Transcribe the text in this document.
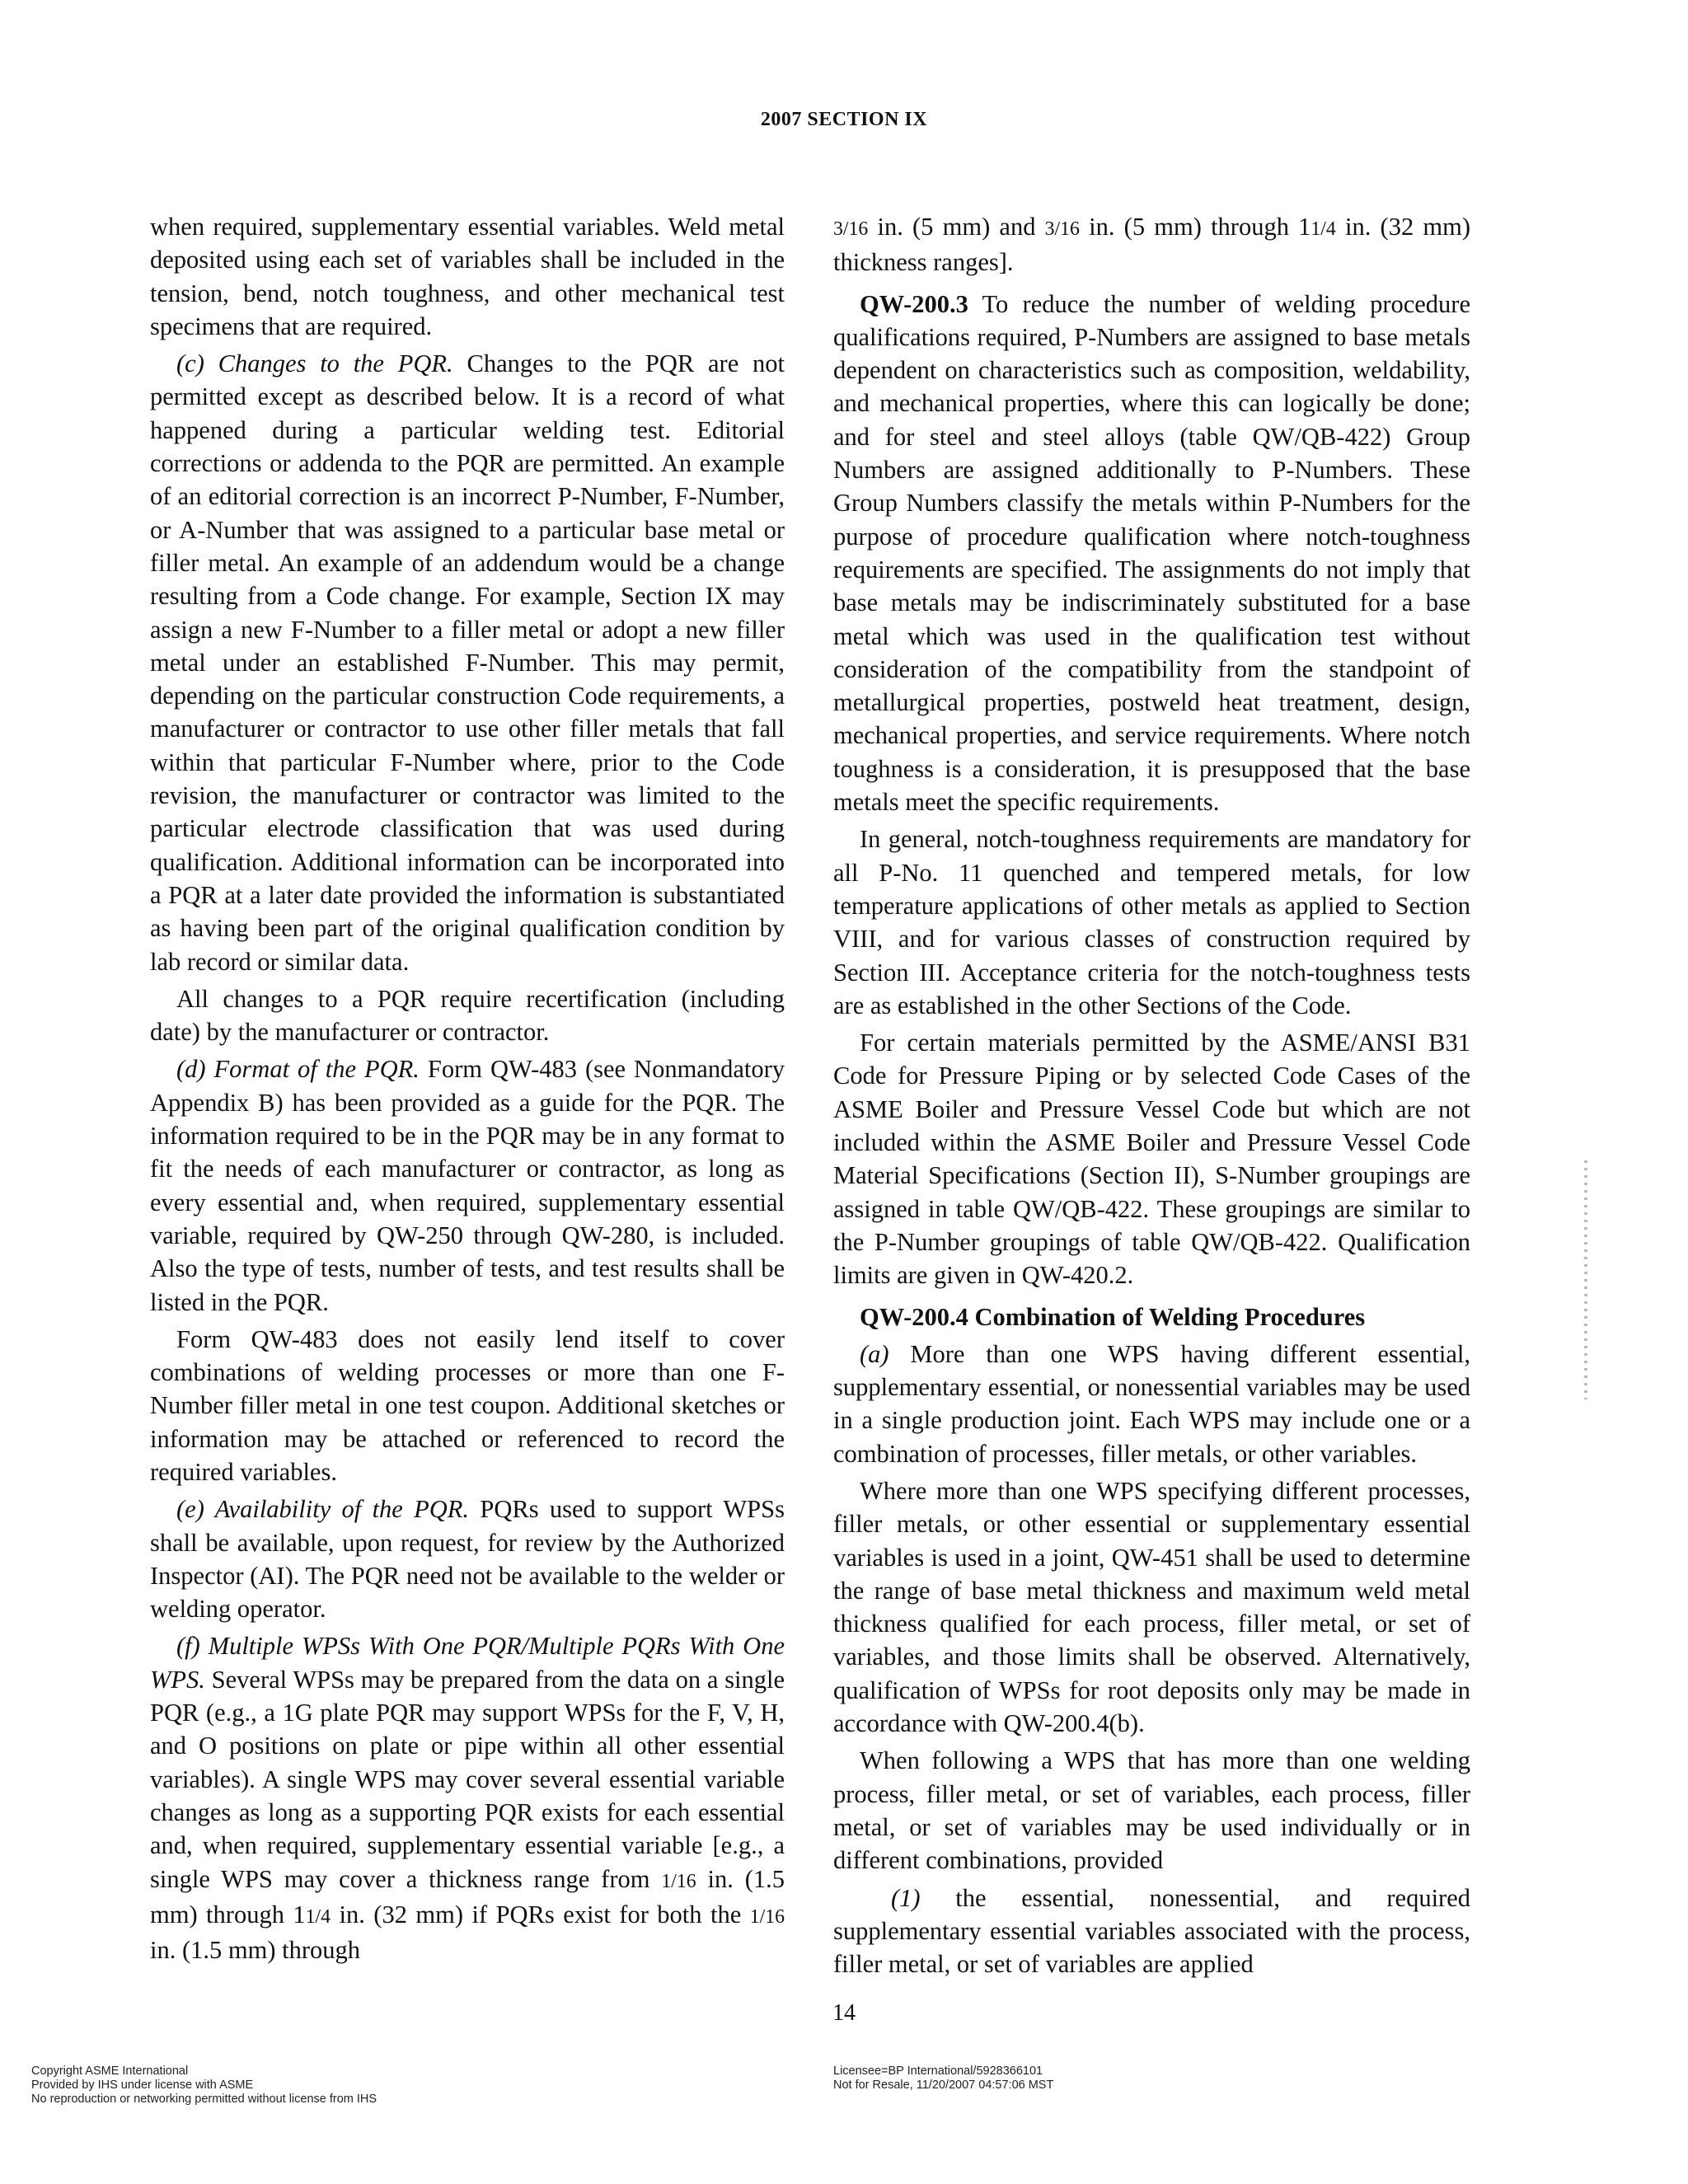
2007 SECTION IX

when required, supplementary essential variables. Weld metal deposited using each set of variables shall be included in the tension, bend, notch toughness, and other mechanical test specimens that are required.

(c) Changes to the PQR. Changes to the PQR are not permitted except as described below. It is a record of what happened during a particular welding test. Editorial corrections or addenda to the PQR are permitted. An example of an editorial correction is an incorrect P-Number, F-Number, or A-Number that was assigned to a particular base metal or filler metal. An example of an addendum would be a change resulting from a Code change. For example, Section IX may assign a new F-Number to a filler metal or adopt a new filler metal under an established F-Number. This may permit, depending on the particular construction Code requirements, a manufacturer or contractor to use other filler metals that fall within that particular F-Number where, prior to the Code revision, the manufacturer or contractor was limited to the particular electrode classification that was used during qualification. Additional information can be incorporated into a PQR at a later date provided the information is substantiated as having been part of the original qualification condition by lab record or similar data.

All changes to a PQR require recertification (including date) by the manufacturer or contractor.

(d) Format of the PQR. Form QW-483 (see Nonmandatory Appendix B) has been provided as a guide for the PQR. The information required to be in the PQR may be in any format to fit the needs of each manufacturer or contractor, as long as every essential and, when required, supplementary essential variable, required by QW-250 through QW-280, is included. Also the type of tests, number of tests, and test results shall be listed in the PQR.

Form QW-483 does not easily lend itself to cover combinations of welding processes or more than one F-Number filler metal in one test coupon. Additional sketches or information may be attached or referenced to record the required variables.

(e) Availability of the PQR. PQRs used to support WPSs shall be available, upon request, for review by the Authorized Inspector (AI). The PQR need not be available to the welder or welding operator.

(f) Multiple WPSs With One PQR/Multiple PQRs With One WPS. Several WPSs may be prepared from the data on a single PQR (e.g., a 1G plate PQR may support WPSs for the F, V, H, and O positions on plate or pipe within all other essential variables). A single WPS may cover several essential variable changes as long as a supporting PQR exists for each essential and, when required, supplementary essential variable [e.g., a single WPS may cover a thickness range from 1/16 in. (1.5 mm) through 11/4 in. (32 mm) if PQRs exist for both the 1/16 in. (1.5 mm) through

3/16 in. (5 mm) and 3/16 in. (5 mm) through 11/4 in. (32 mm) thickness ranges].

QW-200.3 To reduce the number of welding procedure qualifications required, P-Numbers are assigned to base metals dependent on characteristics such as composition, weldability, and mechanical properties, where this can logically be done; and for steel and steel alloys (table QW/QB-422) Group Numbers are assigned additionally to P-Numbers. These Group Numbers classify the metals within P-Numbers for the purpose of procedure qualification where notch-toughness requirements are specified. The assignments do not imply that base metals may be indiscriminately substituted for a base metal which was used in the qualification test without consideration of the compatibility from the standpoint of metallurgical properties, postweld heat treatment, design, mechanical properties, and service requirements. Where notch toughness is a consideration, it is presupposed that the base metals meet the specific requirements.

In general, notch-toughness requirements are mandatory for all P-No. 11 quenched and tempered metals, for low temperature applications of other metals as applied to Section VIII, and for various classes of construction required by Section III. Acceptance criteria for the notch-toughness tests are as established in the other Sections of the Code.

For certain materials permitted by the ASME/ANSI B31 Code for Pressure Piping or by selected Code Cases of the ASME Boiler and Pressure Vessel Code but which are not included within the ASME Boiler and Pressure Vessel Code Material Specifications (Section II), S-Number groupings are assigned in table QW/QB-422. These groupings are similar to the P-Number groupings of table QW/QB-422. Qualification limits are given in QW-420.2.

QW-200.4 Combination of Welding Procedures

(a) More than one WPS having different essential, supplementary essential, or nonessential variables may be used in a single production joint. Each WPS may include one or a combination of processes, filler metals, or other variables.

Where more than one WPS specifying different processes, filler metals, or other essential or supplementary essential variables is used in a joint, QW-451 shall be used to determine the range of base metal thickness and maximum weld metal thickness qualified for each process, filler metal, or set of variables, and those limits shall be observed. Alternatively, qualification of WPSs for root deposits only may be made in accordance with QW-200.4(b).

When following a WPS that has more than one welding process, filler metal, or set of variables, each process, filler metal, or set of variables may be used individually or in different combinations, provided

(1) the essential, nonessential, and required supplementary essential variables associated with the process, filler metal, or set of variables are applied

14
Copyright ASME International
Provided by IHS under license with ASME
No reproduction or networking permitted without license from IHS
Licensee=BP International/5928366101
Not for Resale, 11/20/2007 04:57:06 MST
